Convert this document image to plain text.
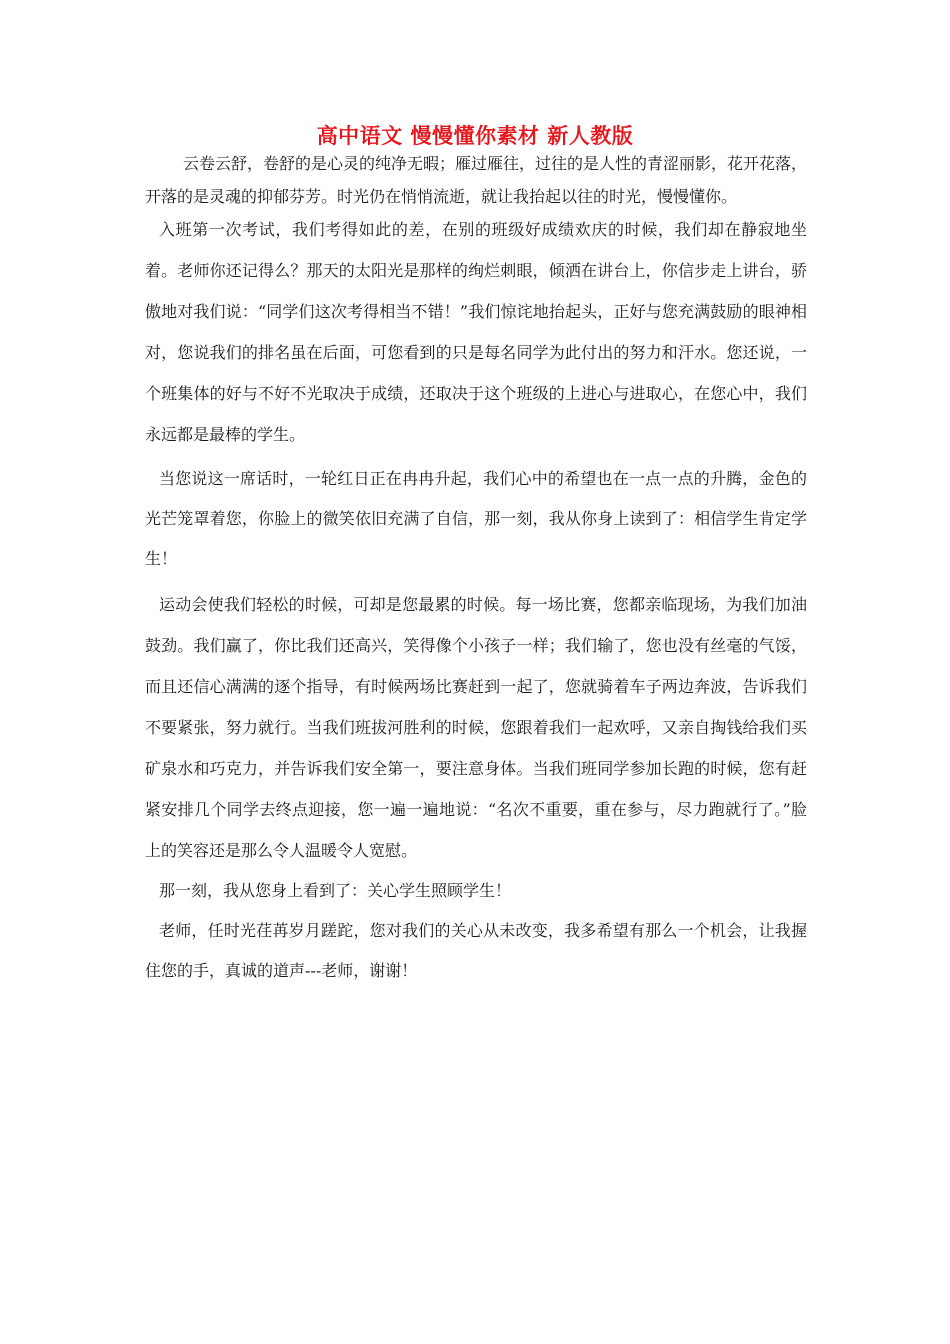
高中语文 慢慢懂你素材 新人教版

云卷云舒，卷舒的是心灵的纯净无暇；雁过雁往，过往的是人性的青涩丽影，花开花落，开落的是灵魂的抑郁芬芳。时光仍在悄悄流逝，就让我抬起以往的时光，慢慢懂你。

入班第一次考试，我们考得如此的差，在别的班级好成绩欢庆的时候，我们却在静寂地坐着。老师你还记得么？那天的太阳光是那样的绚烂刺眼，倾洒在讲台上，你信步走上讲台，骄傲地对我们说：“同学们这次考得相当不错！”我们惊诧地抬起头，正好与您充满鼓励的眼神相对，您说我们的排名虽在后面，可您看到的只是每名同学为此付出的努力和汗水。您还说，一个班集体的好与不好不光取决于成绩，还取决于这个班级的上进心与进取心，在您心中，我们永远都是最棒的学生。

当您说这一席话时，一轮红日正在冉冉升起，我们心中的希望也在一点一点的升腾，金色的光芒笼罩着您，你脸上的微笑依旧充满了自信，那一刻，我从你身上读到了：相信学生肯定学生！

运动会使我们轻松的时候，可却是您最累的时候。每一场比赛，您都亲临现场，为我们加油鼓劲。我们赢了，你比我们还高兴，笑得像个小孩子一样；我们输了，您也没有丝毫的气馁，而且还信心满满的逐个指导，有时候两场比赛赶到一起了，您就骑着车子两边奔波，告诉我们不要紧张，努力就行。当我们班拔河胜利的时候，您跟着我们一起欢呼，又亲自掏钱给我们买矿泉水和巧克力，并告诉我们安全第一，要注意身体。当我们班同学参加长跑的时候，您有赶紧安排几个同学去终点迎接，您一遍一遍地说：“名次不重要，重在参与，尽力跑就行了。”脸上的笑容还是那么令人温暖令人宽慰。

那一刻，我从您身上看到了：关心学生照顾学生！

老师，任时光荏苒岁月蹉跎，您对我们的关心从未改变，我多希望有那么一个机会，让我握住您的手，真诚的道声---老师，谢谢！
